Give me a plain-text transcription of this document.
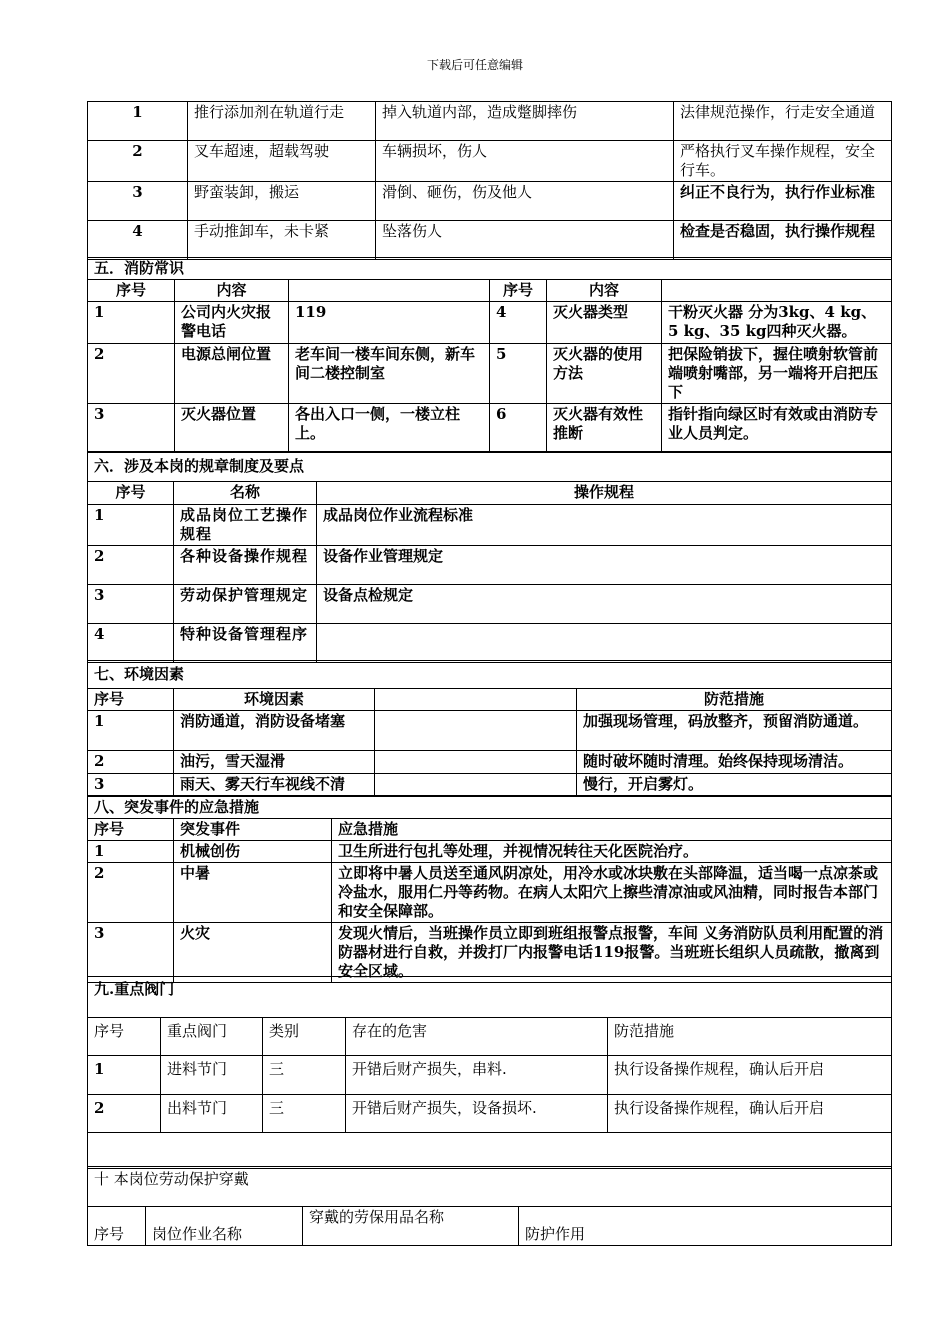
下载后可任意编辑
1	推行添加剂在轨道行走	掉入轨道内部，造成蹩脚摔伤	法律规范操作，行走安全通道
2	叉车超速，超载驾驶	车辆损坏，伤人	严格执行叉车操作规程，安全行车。
3	野蛮装卸，搬运	滑倒、砸伤，伤及他人	纠正不良行为，执行作业标准
4	手动推卸车，未卡紧	坠落伤人	检查是否稳固，执行操作规程
五．消防常识					
序号	内容		序号	内容	
1	公司内火灾报警电话	119	4	灭火器类型	干粉灭火器 分为3kg、4 kg、5 kg、35 kg四种灭火器。
2	电源总闸位置	老车间一楼车间东侧，新车间二楼控制室	5	灭火器的使用方法	把保险销拔下，握住喷射软管前端喷射嘴部，另一端将开启把压下
3	灭火器位置	各出入口一侧，一楼立柱上。	6	灭火器有效性推断	指针指向绿区时有效或由消防专业人员判定。
六．涉及本岗的规章制度及要点		
序号	名称	操作规程
1	成品岗位工艺操作规程	成品岗位作业流程标准
2	各种设备操作规程	设备作业管理规定
3	劳动保护管理规定	设备点检规定
4	特种设备管理程序	
七、环境因素			
序号	环境因素		防范措施
1	消防通道，消防设备堵塞		加强现场管理，码放整齐，预留消防通道。
2	油污，雪天湿滑		随时破坏随时清理。始终保持现场清洁。
3	雨天、雾天行车视线不清		慢行，开启雾灯。
八、突发事件的应急措施		
序号	突发事件	应急措施
1	机械创伤	卫生所进行包扎等处理，并视情况转往天化医院治疗。
2	中暑	立即将中暑人员送至通风阴凉处，用冷水或冰块敷在头部降温，适当喝一点凉茶或冷盐水，服用仁丹等药物。在病人太阳穴上擦些清凉油或风油精，同时报告本部门和安全保障部。
3	火灾	发现火情后，当班操作员立即到班组报警点报警，车间 义务消防队员利用配置的消防器材进行自救，并拨打厂内报警电话119报警。当班班长组织人员疏散，撤离到安全区域。
九.重点阀门				
序号	重点阀门	类别	存在的危害	防范措施
1	进料节门	三	开错后财产损失，串料.	执行设备操作规程，确认后开启
2	出料节门	三	开错后财产损失，设备损坏.	执行设备操作规程，确认后开启

十 本岗位劳动保护穿戴
序号	岗位作业名称	穿戴的劳保用品名称	防护作用
